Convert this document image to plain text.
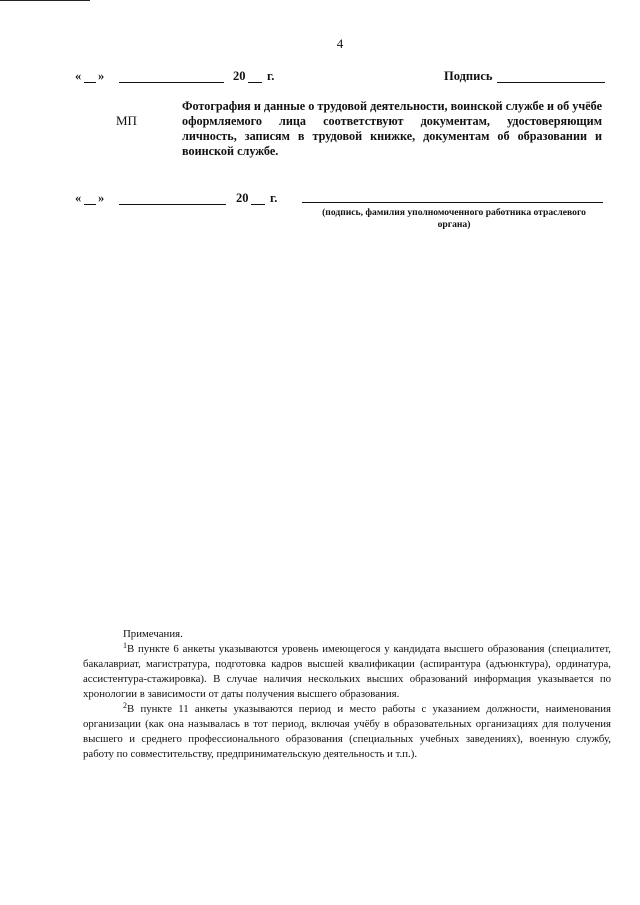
4
« »	20 г.	Подпись
МП
Фотография и данные о трудовой деятельности, воинской службе и об учёбе оформляемого лица соответствуют документам, удостоверяющим личность, записям в трудовой книжке, документам об образовании и воинской службе.
« »	20 г.
(подпись, фамилия уполномоченного работника отраслевого органа)

Примечания.

$^1$В пункте 6 анкеты указываются уровень имеющегося у кандидата высшего образования (специалитет, бакалавриат, магистратура, подготовка кадров высшей квалификации (аспирантура (адъюнктура), ординатура, ассистентура-стажировка). В случае наличия нескольких высших образований информация указывается по хронологии в зависимости от даты получения высшего образования.

$^2$В пункте 11 анкеты указываются период и место работы с указанием должности, наименования организации (как она называлась в тот период, включая учёбу в образовательных организациях для получения высшего и среднего профессионального образования (специальных учебных заведениях), военную службу, работу по совместительству, предпринимательскую деятельность и т.п.).
